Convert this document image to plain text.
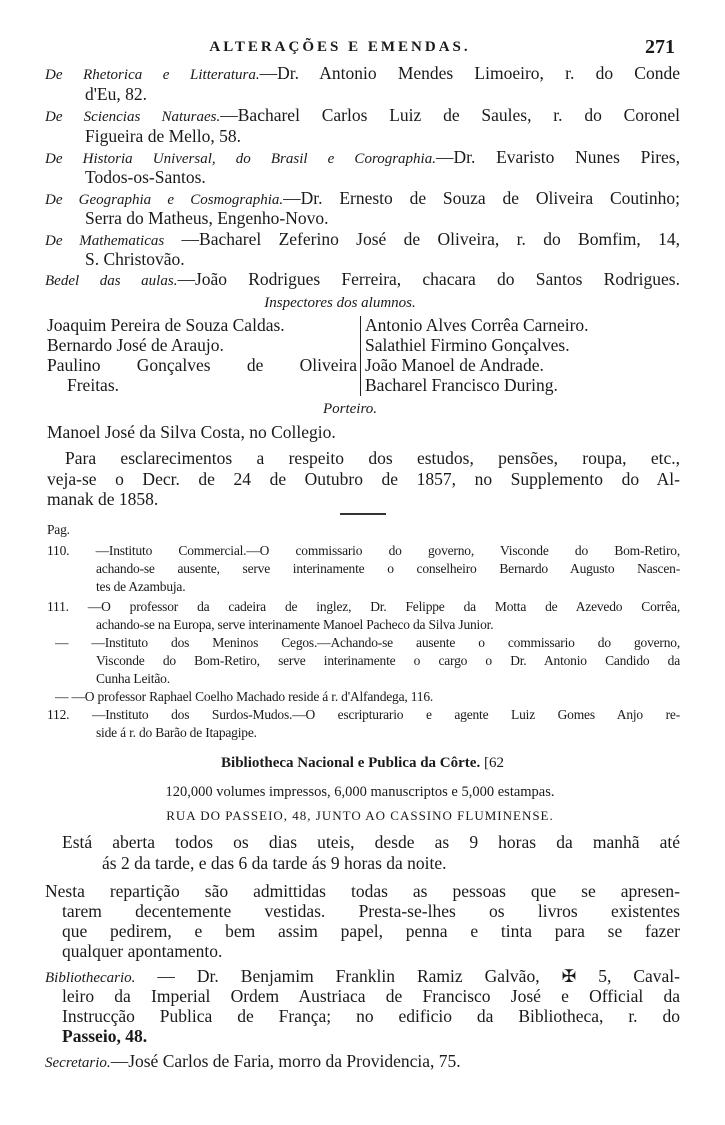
ALTERAÇÕES E EMENDAS.	271
De Rhetorica e Litteratura.—Dr. Antonio Mendes Limoeiro, r. do Conde
d'Eu, 82.
De Sciencias Naturaes.—Bacharel Carlos Luiz de Saules, r. do Coronel
Figueira de Mello, 58.
De Historia Universal, do Brasil e Corographia.—Dr. Evaristo Nunes Pires,
Todos-os-Santos.
De Geographia e Cosmographia.—Dr. Ernesto de Souza de Oliveira Coutinho;
Serra do Matheus, Engenho-Novo.
De Mathematicas —Bacharel Zeferino José de Oliveira, r. do Bomfim, 14,
S. Christovão.
Bedel das aulas.—João Rodrigues Ferreira, chacara do Santos Rodrigues.
Inspectores dos alumnos.
Joaquim Pereira de Souza Caldas.
Bernardo José de Araujo.
Paulino Gonçalves de Oliveira
Freitas.
Antonio Alves Corrêa Carneiro.
Salathiel Firmino Gonçalves.
João Manoel de Andrade.
Bacharel Francisco During.
Porteiro.
Manoel José da Silva Costa, no Collegio.
Para esclarecimentos a respeito dos estudos, pensões, roupa, etc.,
veja-se o Decr. de 24 de Outubro de 1857, no Supplemento do Al-
manak de 1858.
Pag.
110. —Instituto Commercial.—O commissario do governo, Visconde do Bom-Retiro,
achando-se ausente, serve interinamente o conselheiro Bernardo Augusto Nascen-
tes de Azambuja.
111. —O professor da cadeira de inglez, Dr. Felippe da Motta de Azevedo Corrêa,
achando-se na Europa, serve interinamente Manoel Pacheco da Silva Junior.
— —Instituto dos Meninos Cegos.—Achando-se ausente o commissario do governo,
Visconde do Bom-Retiro, serve interinamente o cargo o Dr. Antonio Candido da
Cunha Leitão.
— —O professor Raphael Coelho Machado reside á r. d'Alfandega, 116.
112. —Instituto dos Surdos-Mudos.—O escripturario e agente Luiz Gomes Anjo re-
side á r. do Barão de Itapagipe.
Bibliotheca Nacional e Publica da Côrte. [62
120,000 volumes impressos, 6,000 manuscriptos e 5,000 estampas.
RUA DO PASSEIO, 48, JUNTO AO CASSINO FLUMINENSE.
Está aberta todos os dias uteis, desde as 9 horas da manhã até
ás 2 da tarde, e das 6 da tarde ás 9 horas da noite.
Nesta repartição são admittidas todas as pessoas que se apresen-
tarem decentemente vestidas. Presta-se-lhes os livros existentes
que pedirem, e bem assim papel, penna e tinta para se fazer
qualquer apontamento.
Bibliothecario. — Dr. Benjamim Franklin Ramiz Galvão, ✠ 5, Caval-
leiro da Imperial Ordem Austriaca de Francisco José e Official da
Instrucção Publica de França; no edificio da Bibliotheca, r. do
Passeio, 48.
Secretario.—José Carlos de Faria, morro da Providencia, 75.
